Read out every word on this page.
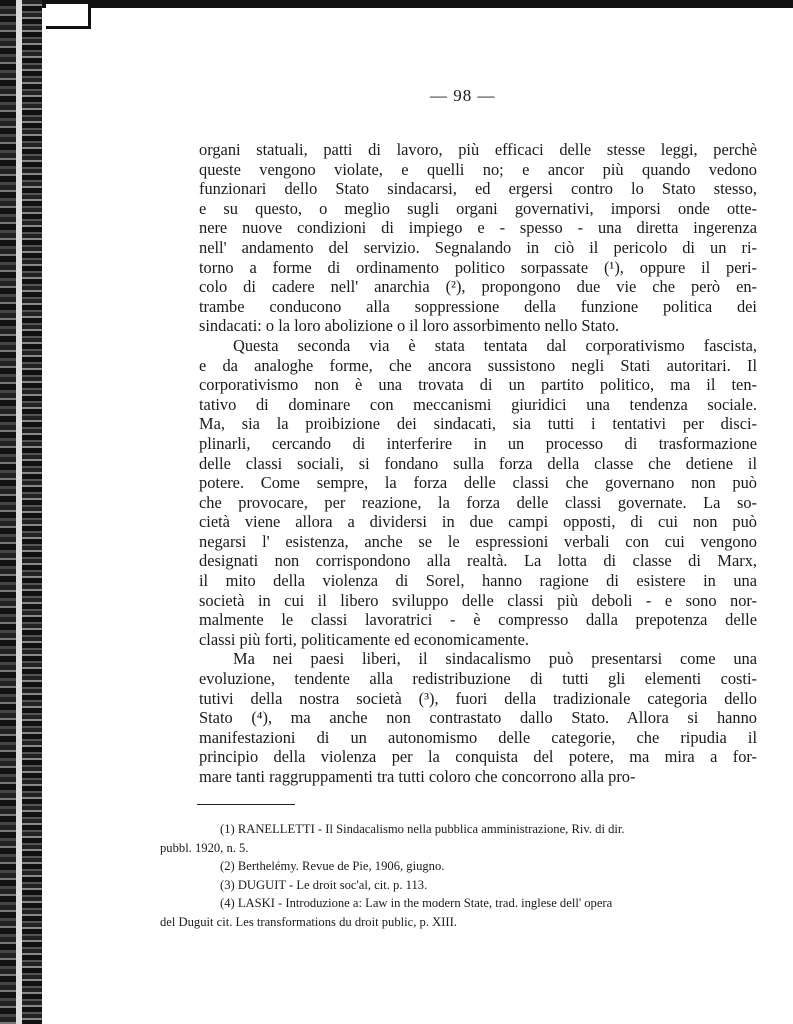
— 98 —
organi statuali, patti di lavoro, più efficaci delle stesse leggi, perchè
queste vengono violate, e quelli no; e ancor più quando vedono
funzionari dello Stato sindacarsi, ed ergersi contro lo Stato stesso,
e su questo, o meglio sugli organi governativi, imporsi onde otte-
nere nuove condizioni di impiego e - spesso - una diretta ingerenza
nell' andamento del servizio. Segnalando in ciò il pericolo di un ri-
torno a forme di ordinamento politico sorpassate (¹), oppure il peri-
colo di cadere nell' anarchia (²), propongono due vie che però en-
trambe conducono alla soppressione della funzione politica dei
sindacati: o la loro abolizione o il loro assorbimento nello Stato.
Questa seconda via è stata tentata dal corporativismo fascista,
e da analoghe forme, che ancora sussistono negli Stati autoritari. Il
corporativismo non è una trovata di un partito politico, ma il ten-
tativo di dominare con meccanismi giuridici una tendenza sociale.
Ma, sia la proibizione dei sindacati, sia tutti i tentativi per disci-
plinarli, cercando di interferire in un processo di trasformazione
delle classi sociali, si fondano sulla forza della classe che detiene il
potere. Come sempre, la forza delle classi che governano non può
che provocare, per reazione, la forza delle classi governate. La so-
cietà viene allora a dividersi in due campi opposti, di cui non può
negarsi l' esistenza, anche se le espressioni verbali con cui vengono
designati non corrispondono alla realtà. La lotta di classe di Marx,
il mito della violenza di Sorel, hanno ragione di esistere in una
società in cui il libero sviluppo delle classi più deboli - e sono nor-
malmente le classi lavoratrici - è compresso dalla prepotenza delle
classi più forti, politicamente ed economicamente.
Ma nei paesi liberi, il sindacalismo può presentarsi come una
evoluzione, tendente alla redistribuzione di tutti gli elementi costi-
tutivi della nostra società (³), fuori della tradizionale categoria dello
Stato (⁴), ma anche non contrastato dallo Stato. Allora si hanno
manifestazioni di un autonomismo delle categorie, che ripudia il
principio della violenza per la conquista del potere, ma mira a for-
mare tanti raggruppamenti tra tutti coloro che concorrono alla pro-
(1) RANELLETTI - Il Sindacalismo nella pubblica amministrazione, Riv. di dir.
pubbl. 1920, n. 5.
(2) Berthelémy. Revue de Pie, 1906, giugno.
(3) DUGUIT - Le droit soc'al, cit. p. 113.
(4) LASKI - Introduzione a: Law in the modern State, trad. inglese dell' opera
del Duguit cit. Les transformations du droit public, p. XIII.
